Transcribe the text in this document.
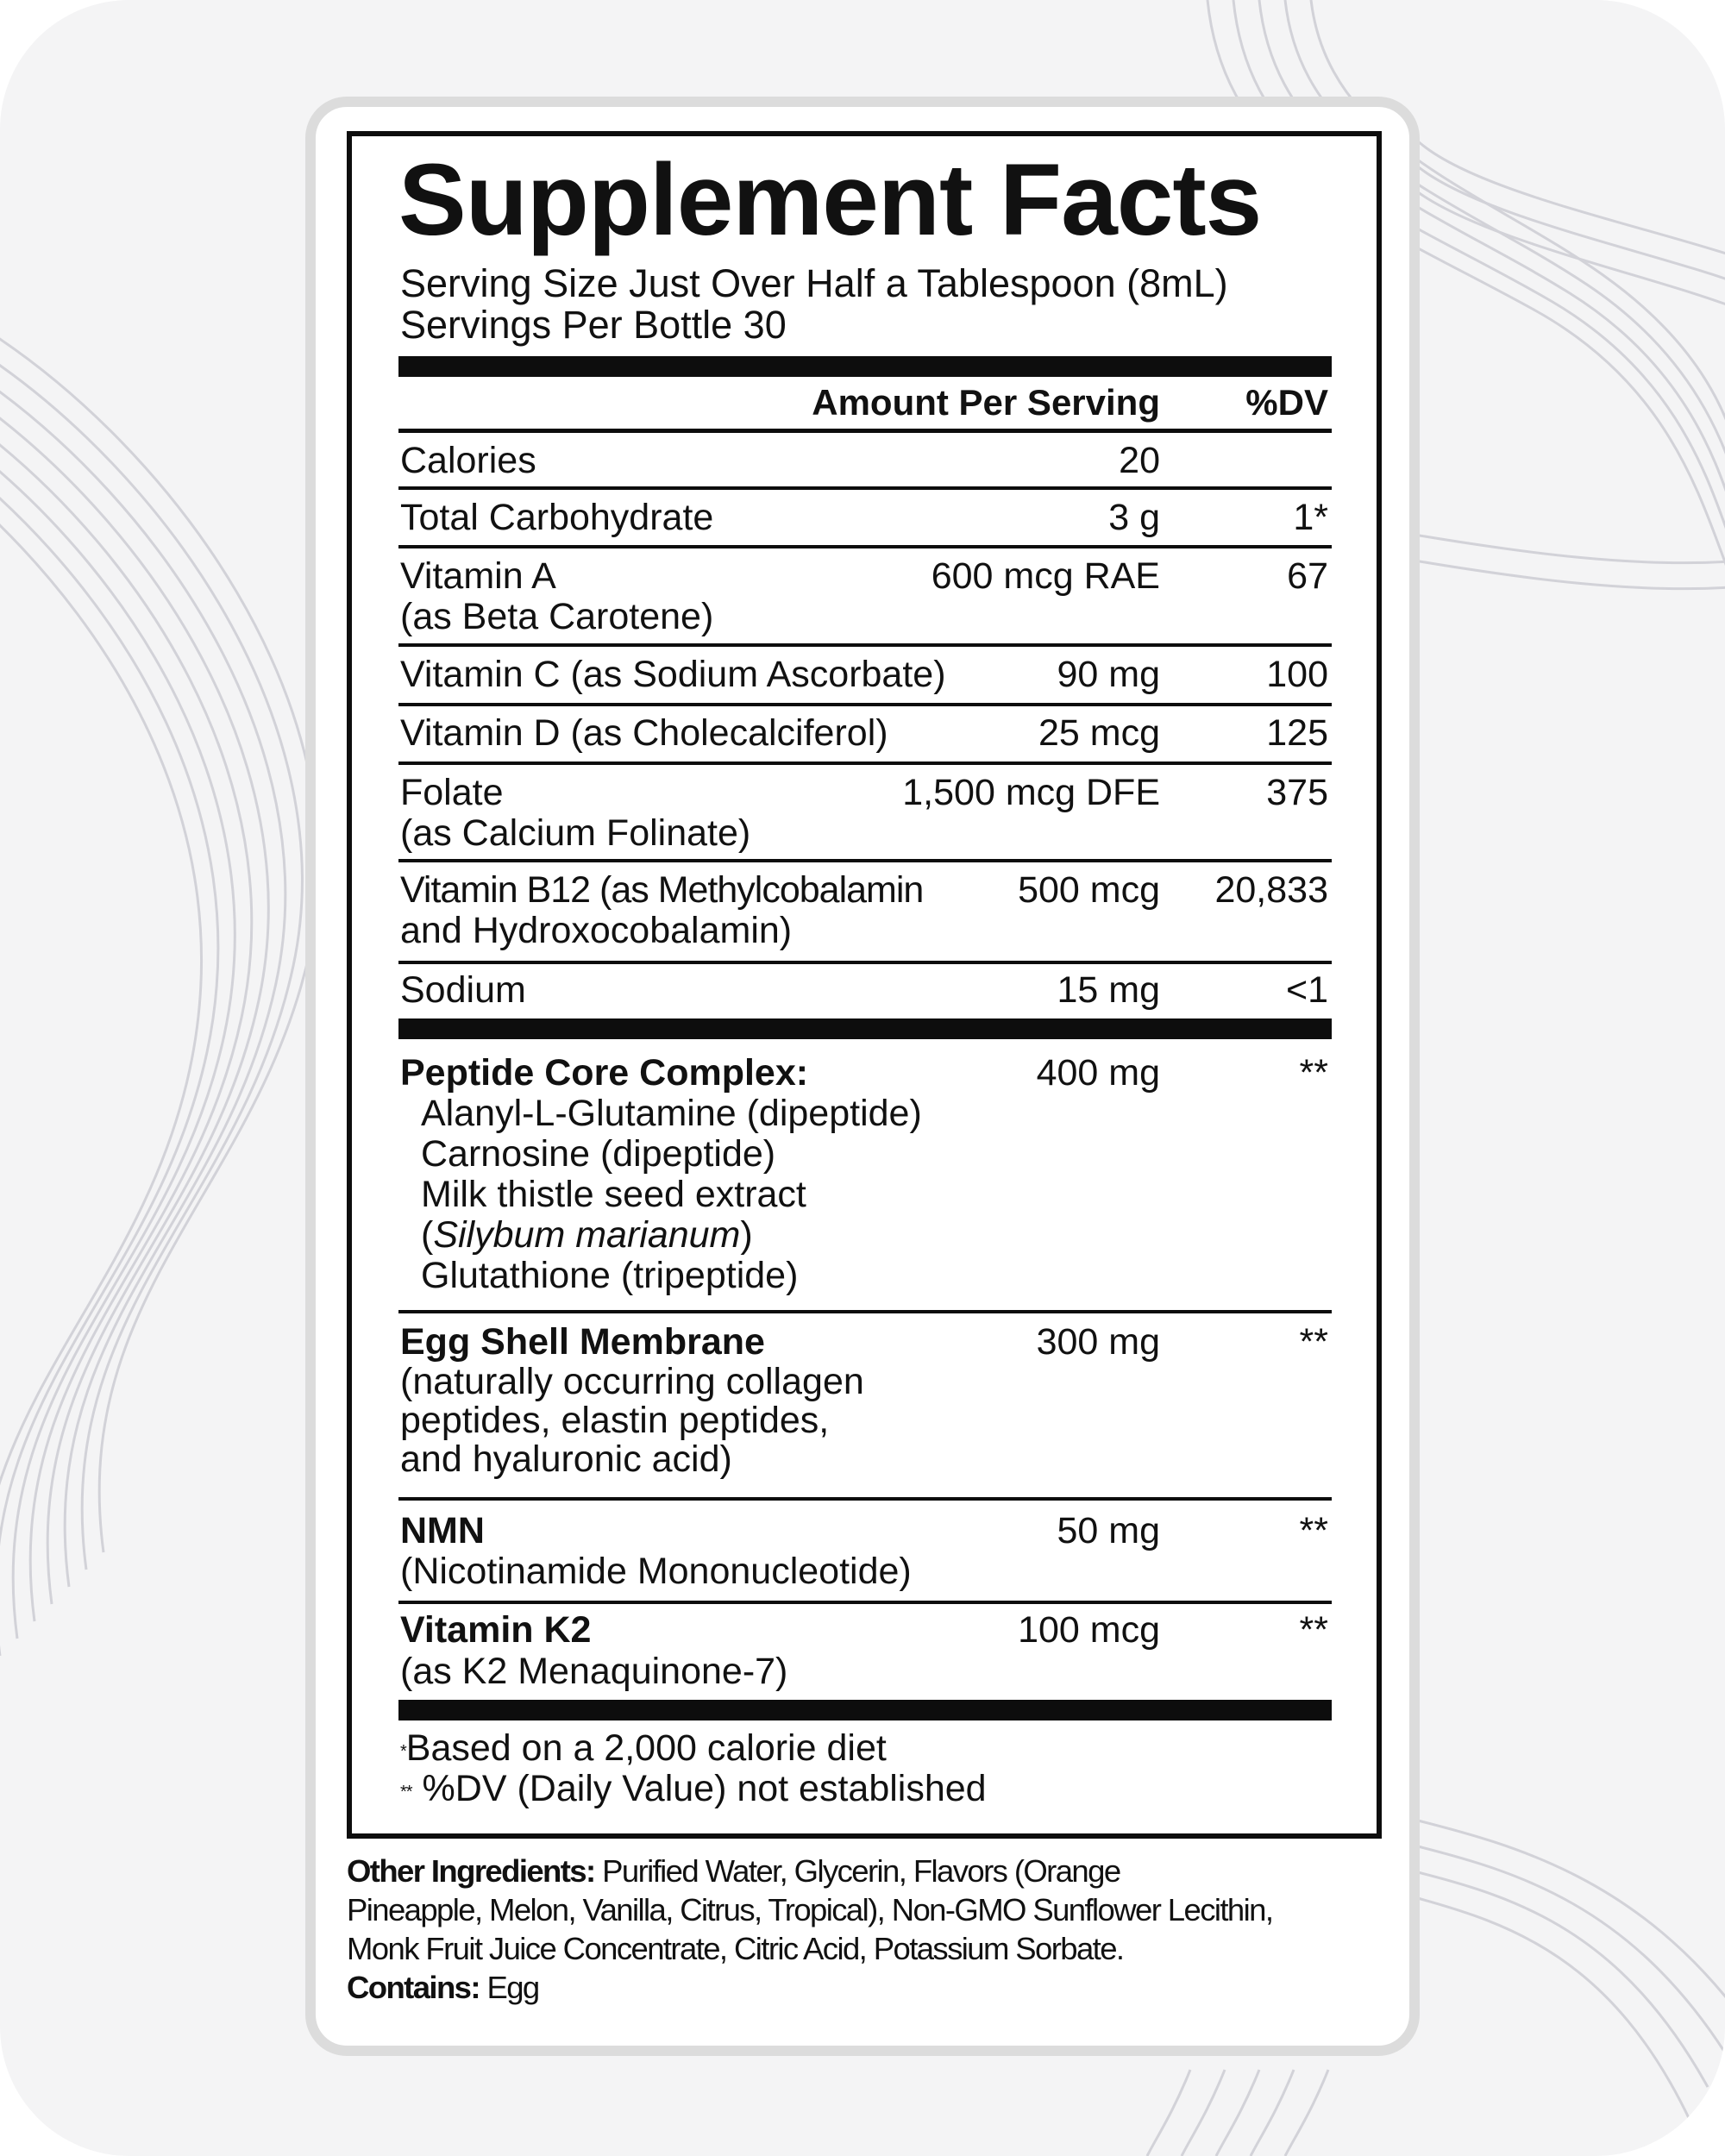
Supplement Facts
Serving Size Just Over Half a Tablespoon (8mL)
Servings Per Bottle 30
Amount Per Serving %DV
Calories	20
Total Carbohydrate	3 g	1*
Vitamin A
(as Beta Carotene)
600 mcg RAE	67
Vitamin C (as Sodium Ascorbate)	90 mg	100
Vitamin D (as Cholecalciferol)	25 mcg	125
Folate
(as Calcium Folinate)
1,500 mcg DFE	375
Vitamin B12 (as Methylcobalamin
and Hydroxocobalamin)
500 mcg 20,833
Sodium	15 mg	<1
Peptide Core Complex:	400 mg	**
Alanyl-L-Glutamine (dipeptide)
Carnosine (dipeptide)
Milk thistle seed extract
(Silybum marianum)
Glutathione (tripeptide)
Egg Shell Membrane	300 mg	**
(naturally occurring collagen
peptides, elastin peptides,
and hyaluronic acid)
NMN	50 mg	**
(Nicotinamide Mononucleotide)
Vitamin K2	100 mcg	**
(as K2 Menaquinone-7)
*Based on a 2,000 calorie diet
** %DV (Daily Value) not established
Other Ingredients: Purified Water, Glycerin, Flavors (Orange
Pineapple, Melon, Vanilla, Citrus, Tropical), Non-GMO Sunflower Lecithin,
Monk Fruit Juice Concentrate, Citric Acid, Potassium Sorbate.
Contains: Egg
